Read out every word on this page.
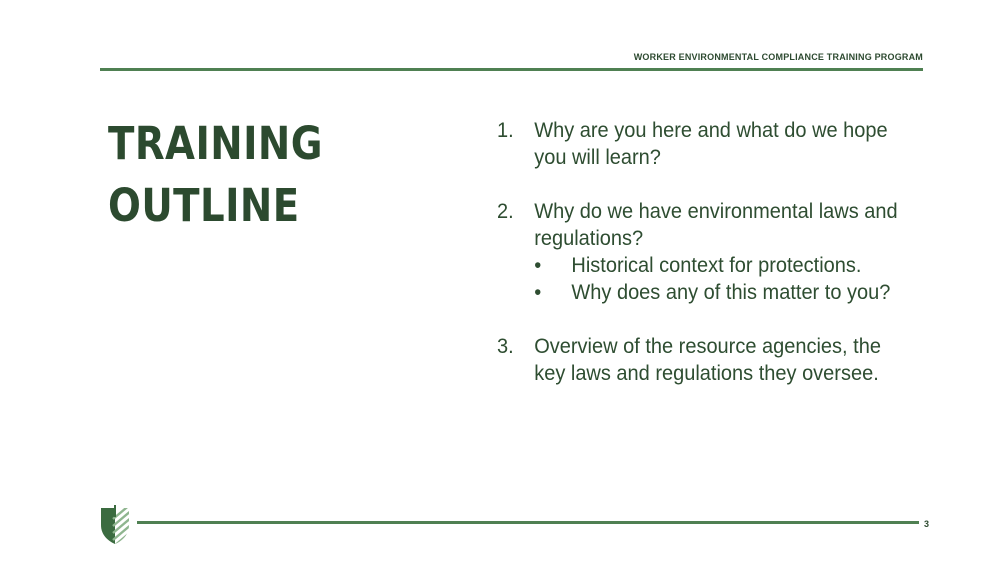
WORKER ENVIRONMENTAL COMPLIANCE TRAINING PROGRAM
TRAINING
OUTLINE
1. Why are you here and what do we hope you will learn?
2. Why do we have environmental laws and regulations?
• Historical context for protections.
• Why does any of this matter to you?
3. Overview of the resource agencies, the key laws and regulations they oversee.
3
